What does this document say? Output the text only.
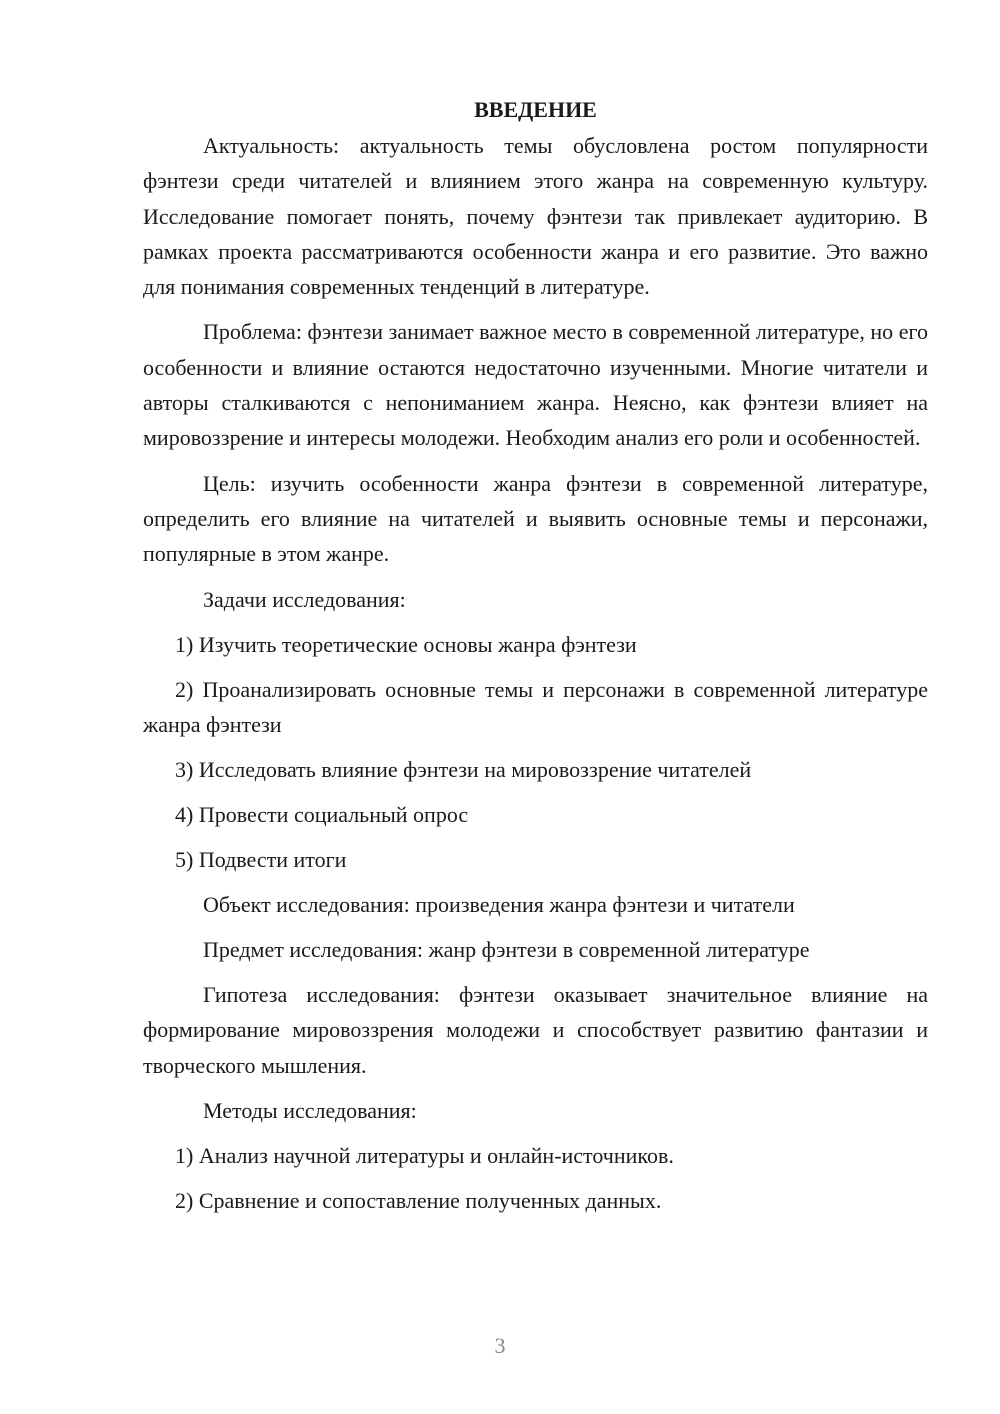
ВВЕДЕНИЕ
Актуальность: актуальность темы обусловлена ростом популярности фэнтези среди читателей и влиянием этого жанра на современную культуру. Исследование помогает понять, почему фэнтези так привлекает аудиторию. В рамках проекта рассматриваются особенности жанра и его развитие. Это важно для понимания современных тенденций в литературе.
Проблема: фэнтези занимает важное место в современной литературе, но его особенности и влияние остаются недостаточно изученными. Многие читатели и авторы сталкиваются с непониманием жанра. Неясно, как фэнтези влияет на мировоззрение и интересы молодежи. Необходим анализ его роли и особенностей.
Цель: изучить особенности жанра фэнтези в современной литературе, определить его влияние на читателей и выявить основные темы и персонажи, популярные в этом жанре.
Задачи исследования:
1) Изучить теоретические основы жанра фэнтези
2) Проанализировать основные темы и персонажи в современной литературе жанра фэнтези
3) Исследовать влияние фэнтези на мировоззрение читателей
4) Провести социальный опрос
5) Подвести итоги
Объект исследования: произведения жанра фэнтези и читатели
Предмет исследования: жанр фэнтези в современной литературе
Гипотеза исследования: фэнтези оказывает значительное влияние на формирование мировоззрения молодежи и способствует развитию фантазии и творческого мышления.
Методы исследования:
1) Анализ научной литературы и онлайн-источников.
2) Сравнение и сопоставление полученных данных.
3
